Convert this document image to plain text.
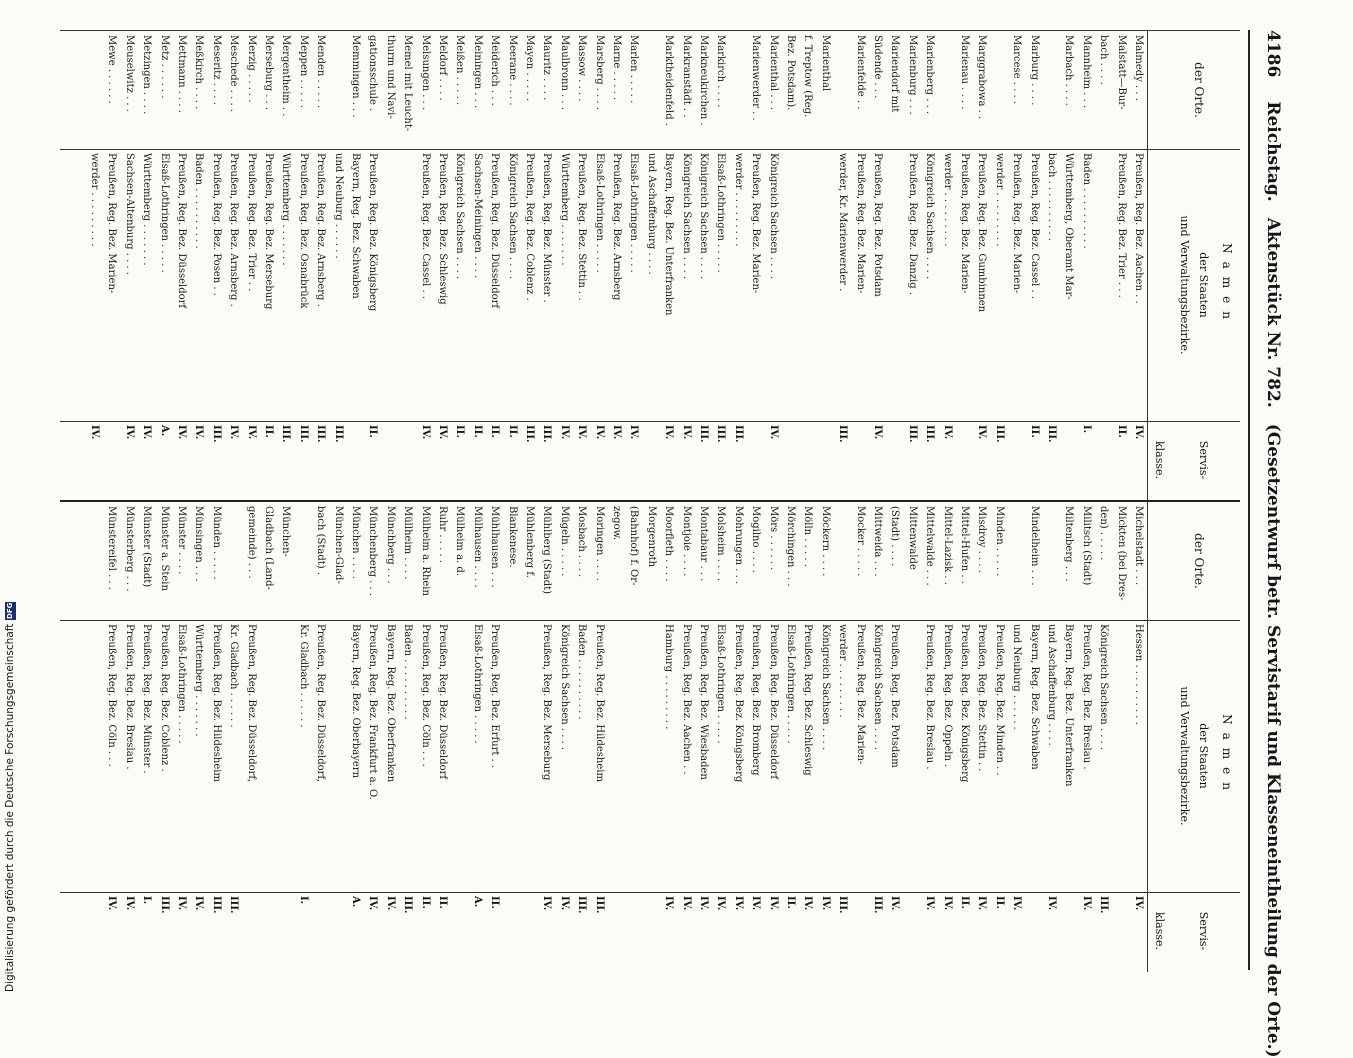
4186
Reichstag.
Aktenstück Nr. 782.
(Gesetzentwurf betr. Servistarif und Klasseneintheilung der Orte.)
der Orte.
Namen
der Staaten
und Verwaltungsbezirke.
Servis-
klasse.
Malmedy . . .
Preußen, Reg. Bez. Aachen . .
IV.
Malstatt—Bur-
Preußen, Reg. Bez. Trier . . .
II.
bach . . . .
Mannheim . . .
Baden . . . . . . . . . .
I.
Marbach . . . .
Württemberg, Oberamt Mar-
bach . . . . . . . . . .
III.
Marburg . . . .
Preußen, Reg. Bez. Cassel . .
II.
Marcese . . . .
Preußen, Reg. Bez. Marien-
werder . . . . . . . . .
III.
Marggrabowa . .
Preußen, Reg. Bez. Gumbinnen
IV.
Marienau . . . .
Preußen, Reg. Bez. Marien-
werder . . . . . . . . .
IV.
Marienberg . . .
Königreich Sachsen . . . .
III.
Marienburg . . .
Preußen, Reg. Bez. Danzig .
III.
Mariendorf mit
Südende . . .
Preußen, Reg. Bez. Potsdam
IV.
Marienfelde . .
Preußen, Reg. Bez. Marien-
werder, Kr. Marienwerder .
III.
Marienthal
f. Treptow (Reg.
Bez. Potsdam).
Marienthal . . .
Königreich Sachsen . . . .
IV.
Marienwerder . .
Preußen, Reg. Bez. Marien-
werder . . . . . . . . .
III.
Markirch . . . .
Elsaß-Lothringen . . . . .
III.
Markneukirchen .
Königreich Sachsen . . . .
III.
Markranstädt . .
Königreich Sachsen . . . .
IV.
Marktheidenfeld .
Bayern, Reg. Bez. Unterfranken
IV.
und Aschaffenburg . . . .
Marlen . . . . .
Elsaß-Lothringen . . . . .
IV.
Marne . . . . .
Preußen, Reg. Bez. Arnsberg
IV.
Marsberg . . . .
Elsaß-Lothringen . . . . .
IV.
Massow . . . .
Preußen, Reg. Bez. Stettin . .
IV.
Maulbronn . . .
Württemberg . . . . . . .
IV.
Mauritz . . . .
Preußen, Reg. Bez. Münster .
III.
Mayen . . . . .
Preußen, Reg. Bez. Coblenz .
III.
Meerane . . . .
Königreich Sachsen . . . .
II.
Meiderich . . .
Preußen, Reg. Bez. Düsseldorf
II.
Meiningen . . .
Sachsen-Meiningen . . . .
II.
Meißen . . . . .
Königreich Sachsen . . . .
II.
Meldorf . . . .
Preußen, Reg. Bez. Schleswig
IV.
Melsungen . . .
Preußen, Reg. Bez. Cassel . .
IV.
Memel mit Leucht-
thurm und Navi-
gationsschule .
Preußen, Reg. Bez. Königsberg
II.
Memmingen . . .
Bayern, Reg. Bez. Schwaben
und Neuburg . . . . . .
III.
Menden . . . . .
Preußen, Reg. Bez. Arnsberg .
III.
Meppen . . . . .
Preußen, Reg. Bez. Osnabrück
III.
Mergentheim . .
Württemberg . . . . . . .
III.
Merseburg . . .
Preußen, Reg. Bez. Merseburg
II.
Merzig . . . . .
Preußen, Reg. Bez. Trier . .
IV.
Meschede . . . .
Preußen, Reg. Bez. Arnsberg .
IV.
Meseritz . . . .
Preußen, Reg. Bez. Posen . .
III.
Meßkirch . . . .
Baden . . . . . . . . . .
IV.
Mettmann . . . .
Preußen, Reg. Bez. Düsseldorf
IV.
Metz . . . . . .
Elsaß-Lothringen . . . . .
A.
Metzingen . . . .
Württemberg . . . . . . .
IV.
Meuselwitz . . .
Sachsen-Altenburg . . . .
IV.
Mewe . . . . . .
Preußen, Reg. Bez. Marien-
werder . . . . . . . . .
IV.
der Orte.
Namen
der Staaten
und Verwaltungsbezirke.
Servis-
klasse.
Michelstadt . . .
Hessen . . . . . . . . . .
IV.
Mickten (bei Dres-
den) . . . . .
Königreich Sachsen . . . .
III.
Militsch (Stadt)
Preußen, Reg. Bez. Breslau .
IV.
Miltenberg . . .
Bayern, Reg. Bez. Unterfranken
und Aschaffenburg . . . .
IV.
Mindelheim . . .
Bayern, Reg. Bez. Schwaben
und Neuburg . . . . . .
IV.
Minden . . . . .
Preußen, Reg. Bez. Minden . .
II.
Misdroy . . . .
Preußen, Reg. Bez. Stettin . .
IV.
Mittel-Hufen . .
Preußen, Reg. Bez. Königsberg
II.
Mittel-Lazisk . .
Preußen, Reg. Bez. Oppeln .
IV.
Mittelwalde . . .
Preußen, Reg. Bez. Breslau .
IV.
Mittenwalde
(Stadt) . . . .
Preußen, Reg. Bez. Potsdam
IV.
Mittweida . . .
Königreich Sachsen . . . .
III.
Mocker . . . . .
Preußen, Reg. Bez. Marien-
werder . . . . . . . . .
III.
Möckern . . . .
Königreich Sachsen . . . .
IV.
Mölln . . . . .
Preußen, Reg. Bez. Schleswig
IV.
Mörchingen . . .
Elsaß-Lothringen . . . . .
II.
Mörs . . . . . .
Preußen, Reg. Bez. Düsseldorf
IV.
Mogilno . . . .
Preußen, Reg. Bez. Bromberg
IV.
Mohrungen . . .
Preußen, Reg. Bez. Königsberg
IV.
Molsheim . . . .
Elsaß-Lothringen . . . . .
IV.
Montabaur . . .
Preußen, Reg. Bez. Wiesbaden
IV.
Montjoie . . . .
Preußen, Reg. Bez. Aachen . .
IV.
Moorfleth . . . .
Hamburg . . . . . . . . .
IV.
Morgenroth
(Bahnhof) f. Or-
zegow.
Moringen . . . .
Preußen, Reg. Bez. Hildesheim
III.
Mosbach . . . .
Baden . . . . . . . . . .
III.
Mügeln . . . . .
Königreich Sachsen . . . .
IV.
Mühlberg (Stadt)
Preußen, Reg. Bez. Merseburg
IV.
Mühlenberg f.
Blankenese.
Mühlhausen . . .
Preußen, Reg. Bez. Erfurt . .
II.
Mülhausen . . . .
Elsaß-Lothringen . . . . .
A.
Mülheim a. d.
Ruhr . . . . .
Preußen, Reg. Bez. Düsseldorf
II.
Mülheim a. Rhein
Preußen, Reg. Bez. Cöln . . .
II.
Müllheim . . . .
Baden . . . . . . . . . .
III.
Münchberg . . .
Bayern, Reg. Bez. Oberfranken
IV.
Münchenberg . . .
Preußen, Reg. Bez. Frankfurt a. O.
IV.
München . . . .
Bayern, Reg. Bez. Oberbayern
A.
München-Glad-
bach (Stadt) .
Preußen, Reg. Bez. Düsseldorf,
Kr. Gladbach . . . . . .
I.
München-
Gladbach (Land-
gemeinde) . . .
Preußen, Reg. Bez. Düsseldorf,
Kr. Gladbach . . . . . .
III.
Münden . . . . .
Preußen, Reg. Bez. Hildesheim
III.
Münsingen . . .
Württemberg . . . . . . .
IV.
Münster . . . .
Elsaß-Lothringen . . . . .
IV.
Münster a. Stein
Preußen, Reg. Bez. Coblenz .
III.
Münster (Stadt)
Preußen, Reg. Bez. Münster .
I.
Münsterberg . . .
Preußen, Reg. Bez. Breslau .
IV.
Münstereifel . . .
Preußen, Reg. Bez. Cöln . . .
IV.
Digitalisierung gefördert durch die Deutsche Forschungsgemeinschaft
DFG
